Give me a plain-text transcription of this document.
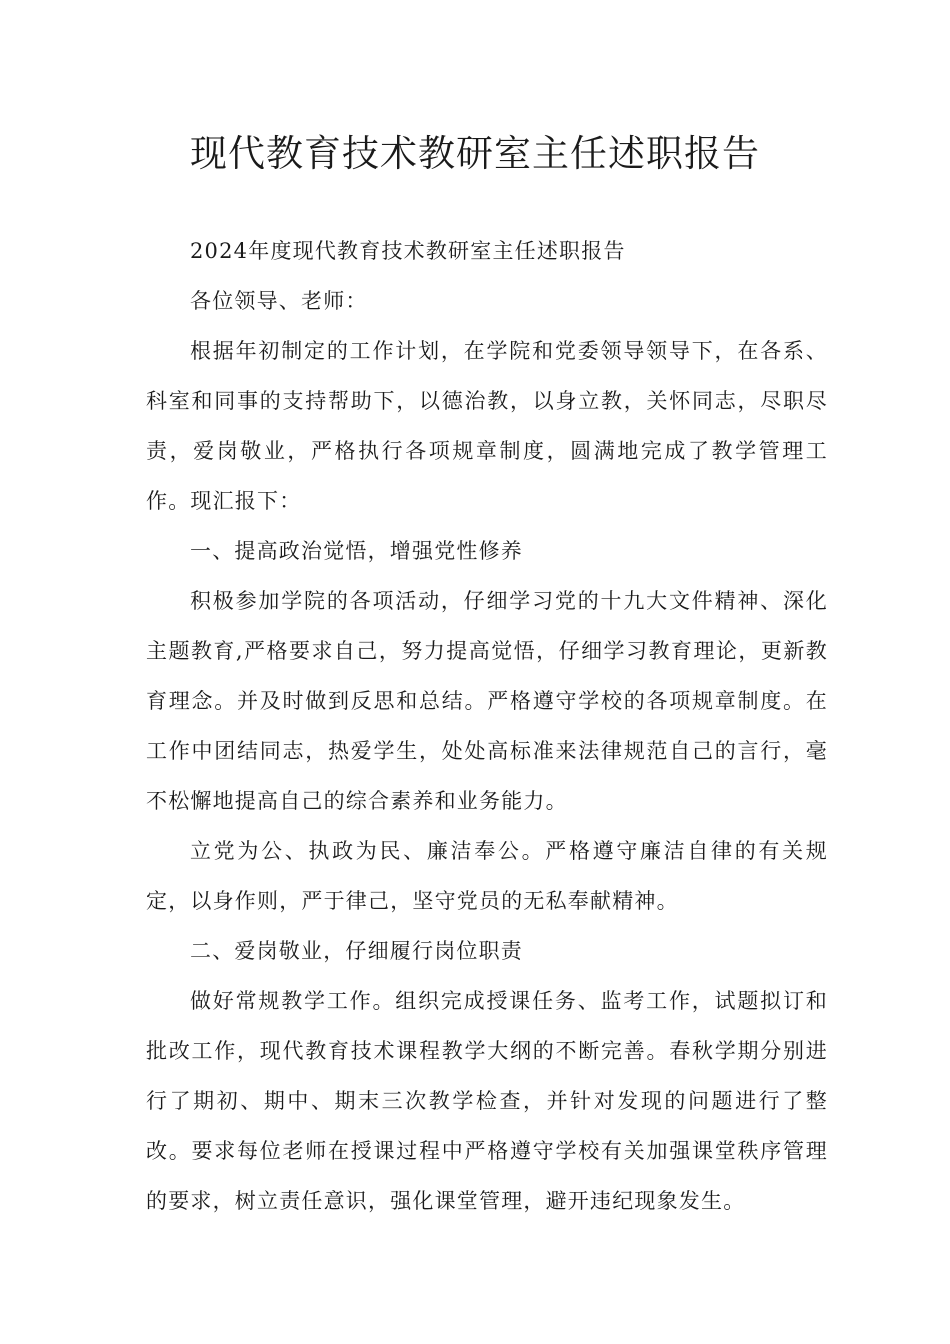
现代教育技术教研室主任述职报告

2024年度现代教育技术教研室主任述职报告

各位领导、老师：

根据年初制定的工作计划，在学院和党委领导领导下，在各系、科室和同事的支持帮助下，以德治教，以身立教，关怀同志，尽职尽责，爱岗敬业，严格执行各项规章制度，圆满地完成了教学管理工作。现汇报下：

一、提高政治觉悟，增强党性修养

积极参加学院的各项活动，仔细学习党的十九大文件精神、深化主题教育,严格要求自己，努力提高觉悟，仔细学习教育理论，更新教育理念。并及时做到反思和总结。严格遵守学校的各项规章制度。在工作中团结同志，热爱学生，处处高标准来法律规范自己的言行，毫不松懈地提高自己的综合素养和业务能力。

立党为公、执政为民、廉洁奉公。严格遵守廉洁自律的有关规定，以身作则，严于律己，坚守党员的无私奉献精神。

二、爱岗敬业，仔细履行岗位职责

做好常规教学工作。组织完成授课任务、监考工作，试题拟订和批改工作，现代教育技术课程教学大纲的不断完善。春秋学期分别进行了期初、期中、期末三次教学检查，并针对发现的问题进行了整改。要求每位老师在授课过程中严格遵守学校有关加强课堂秩序管理的要求，树立责任意识，强化课堂管理，避开违纪现象发生。
